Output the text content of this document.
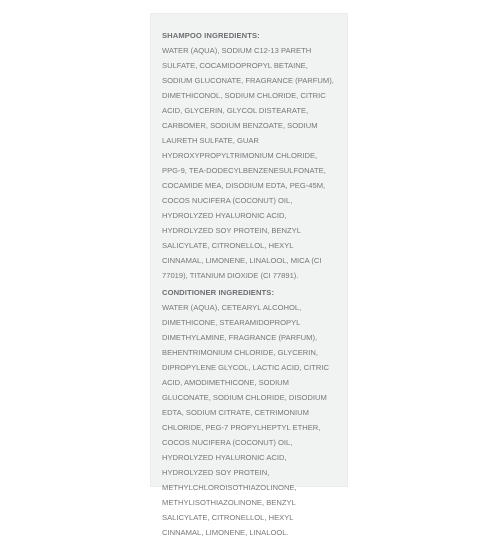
SHAMPOO INGREDIENTS:

WATER (AQUA), SODIUM C12-13 PARETH

SULFATE, COCAMIDOPROPYL BETAINE,

SODIUM GLUCONATE, FRAGRANCE (PARFUM),

DIMETHICONOL, SODIUM CHLORIDE, CITRIC

ACID, GLYCERIN, GLYCOL DISTEARATE,

CARBOMER, SODIUM BENZOATE, SODIUM

LAURETH SULFATE, GUAR

HYDROXYPROPYLTRIMONIUM CHLORIDE,

PPG-9, TEA-DODECYLBENZENESULFONATE,

COCAMIDE MEA, DISODIUM EDTA, PEG-45M,

COCOS NUCIFERA (COCONUT) OIL,

HYDROLYZED HYALURONIC ACID,

HYDROLYZED SOY PROTEIN, BENZYL

SALICYLATE, CITRONELLOL, HEXYL

CINNAMAL, LIMONENE, LINALOOL, MICA (CI

77019), TITANIUM DIOXIDE (CI 77891).

CONDITIONER INGREDIENTS:

WATER (AQUA), CETEARYL ALCOHOL,

DIMETHICONE, STEARAMIDOPROPYL

DIMETHYLAMINE, FRAGRANCE (PARFUM),

BEHENTRIMONIUM CHLORIDE, GLYCERIN,

DIPROPYLENE GLYCOL, LACTIC ACID, CITRIC

ACID, AMODIMETHICONE, SODIUM

GLUCONATE, SODIUM CHLORIDE, DISODIUM

EDTA, SODIUM CITRATE, CETRIMONIUM

CHLORIDE, PEG-7 PROPYLHEPTYL ETHER,

COCOS NUCIFERA (COCONUT) OIL,

HYDROLYZED HYALURONIC ACID,

HYDROLYZED SOY PROTEIN,

METHYLCHLOROISOTHIAZOLINONE,

METHYLISOTHIAZOLINONE, BENZYL

SALICYLATE, CITRONELLOL, HEXYL

CINNAMAL, LIMONENE, LINALOOL.
